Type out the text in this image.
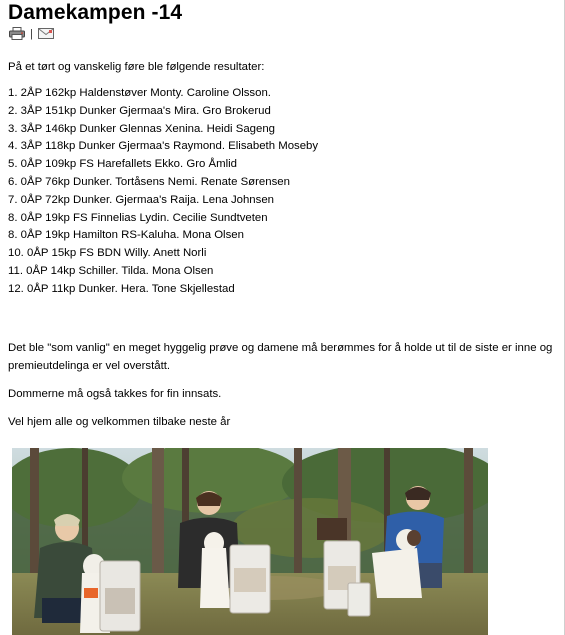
Damekampen -14
|
På et tørt og vanskelig føre ble følgende resultater:
1. 2ÅP 162kp Haldenstøver Monty. Caroline Olsson.
2. 3ÅP 151kp Dunker Gjermaa's Mira. Gro Brokerud
3. 3ÅP 146kp Dunker Glennas Xenina. Heidi Sageng
4. 3ÅP 118kp Dunker Gjermaa's Raymond. Elisabeth Moseby
5. 0ÅP 109kp FS Harefallets Ekko. Gro Åmlid
6. 0ÅP 76kp Dunker. Tortåsens Nemi. Renate Sørensen
7. 0ÅP 72kp Dunker. Gjermaa's Raija. Lena Johnsen
8. 0ÅP 19kp FS Finnelias Lydin. Cecilie Sundtveten
8. 0ÅP 19kp Hamilton RS-Kaluha. Mona Olsen
10. 0ÅP 15kp FS BDN Willy. Anett Norli
11. 0ÅP 14kp Schiller. Tilda. Mona Olsen
12. 0ÅP 11kp Dunker. Hera. Tone Skjellestad
Det ble "som vanlig" en meget hyggelig prøve og damene må berømmes for å holde ut til de siste er inne og premieutdelinga er vel overstått.
Dommerne må også takkes for fin innsats.
Vel hjem alle og velkommen tilbake neste år
